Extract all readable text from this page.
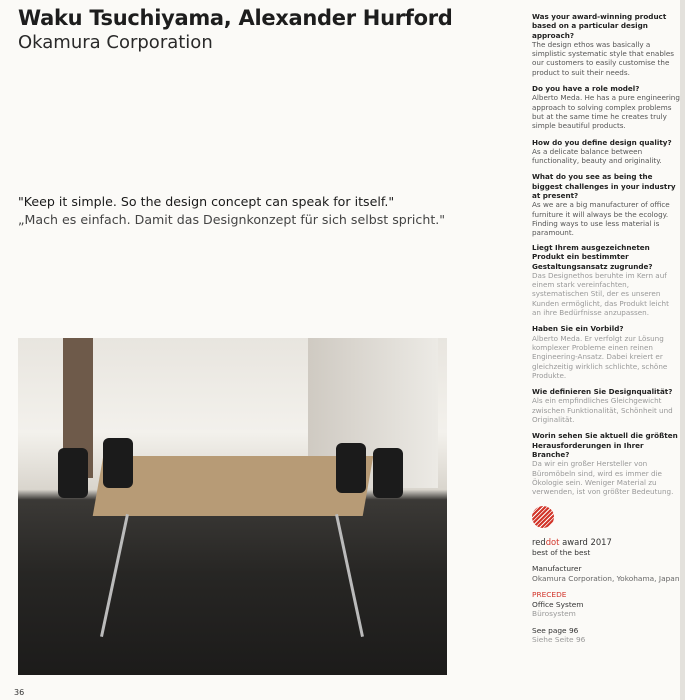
Waku Tsuchiyama, Alexander Hurford
Okamura Corporation
"Keep it simple. So the design concept can speak for itself."
„Mach es einfach. Damit das Designkonzept für sich selbst spricht."
Was your award-winning product based on a particular design approach?
The design ethos was basically a simplistic systematic style that enables our customers to easily customise the product to suit their needs.
Do you have a role model?
Alberto Meda. He has a pure engineering approach to solving complex problems but at the same time he creates truly simple beautiful products.
How do you define design quality?
As a delicate balance between functionality, beauty and originality.
What do you see as being the biggest challenges in your industry at present?
As we are a big manufacturer of office furniture it will always be the ecology. Finding ways to use less material is paramount.
Liegt Ihrem ausgezeichneten Produkt ein bestimmter Gestaltungsansatz zugrunde?
Das Designethos beruhte im Kern auf einem stark vereinfachten, systematischen Stil, der es unseren Kunden ermöglicht, das Produkt leicht an ihre Bedürfnisse anzupassen.
Haben Sie ein Vorbild?
Alberto Meda. Er verfolgt zur Lösung komplexer Probleme einen reinen Engineering-Ansatz. Dabei kreiert er gleichzeitig wirklich schlichte, schöne Produkte.
Wie definieren Sie Designqualität?
Als ein empfindliches Gleichgewicht zwischen Funktionalität, Schönheit und Originalität.
Worin sehen Sie aktuell die größten Herausforderungen in Ihrer Branche?
Da wir ein großer Hersteller von Büromöbeln sind, wird es immer die Ökologie sein. Weniger Material zu verwenden, ist von größter Bedeutung.
reddot award 2017
best of the best
Manufacturer
Okamura Corporation, Yokohama, Japan
PRECEDE
Office System
Bürosystem
See page 96
Siehe Seite 96
36
